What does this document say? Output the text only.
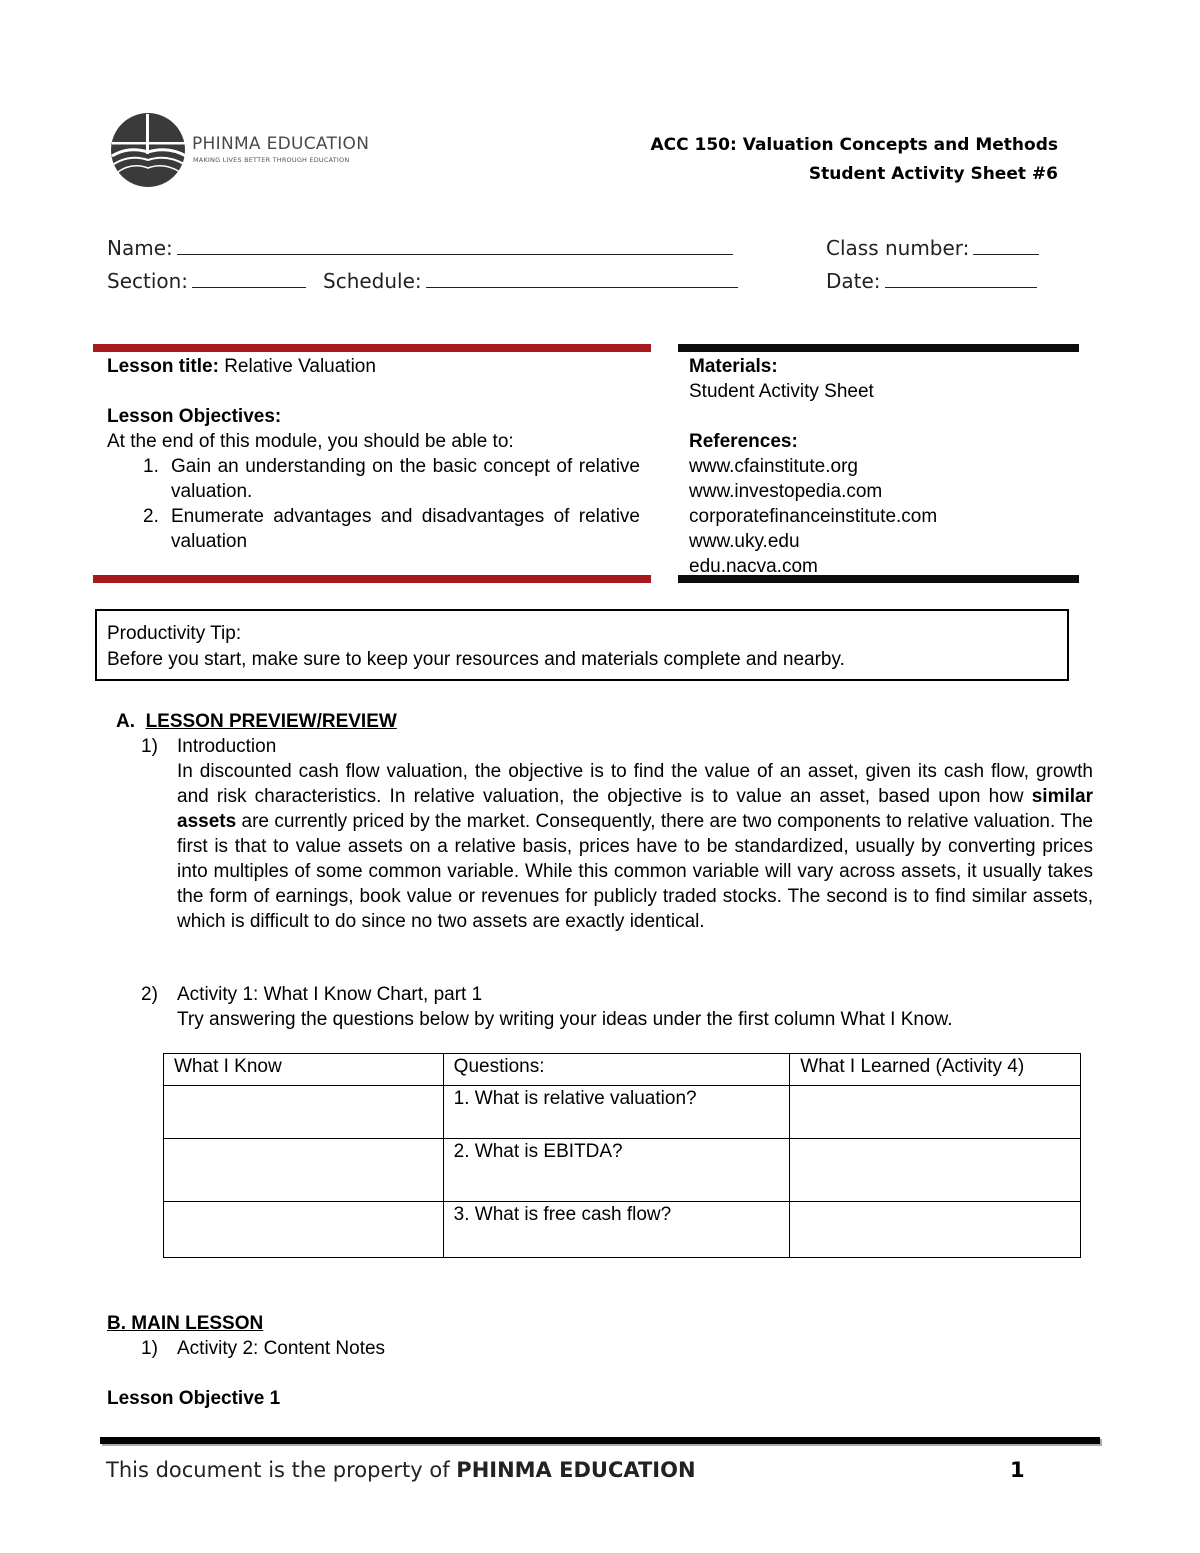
PHINMA EDUCATION
MAKING LIVES BETTER THROUGH EDUCATION
ACC 150: Valuation Concepts and Methods
Student Activity Sheet #6
Name:	Class number:
Section:	Schedule:	Date:
Lesson title: Relative Valuation
Lesson Objectives:
At the end of this module, you should be able to:
1. Gain an understanding on the basic concept of relative valuation.
2. Enumerate advantages and disadvantages of relative valuation
Materials:
Student Activity Sheet
References:
www.cfainstitute.org
www.investopedia.com
corporatefinanceinstitute.com
www.uky.edu
edu.nacva.com
Productivity Tip:
Before you start, make sure to keep your resources and materials complete and nearby.
A. LESSON PREVIEW/REVIEW
1) Introduction
In discounted cash flow valuation, the objective is to find the value of an asset, given its cash flow, growth and risk characteristics. In relative valuation, the objective is to value an asset, based upon how similar assets are currently priced by the market. Consequently, there are two components to relative valuation. The first is that to value assets on a relative basis, prices have to be standardized, usually by converting prices into multiples of some common variable. While this common variable will vary across assets, it usually takes the form of earnings, book value or revenues for publicly traded stocks. The second is to find similar assets, which is difficult to do since no two assets are exactly identical.
2) Activity 1: What I Know Chart, part 1
Try answering the questions below by writing your ideas under the first column What I Know.
What I Know	Questions:	What I Learned (Activity 4)
	1. What is relative valuation?	
	2. What is EBITDA?	
	3. What is free cash flow?	
B. MAIN LESSON
1) Activity 2: Content Notes
Lesson Objective 1
This document is the property of PHINMA EDUCATION	1
